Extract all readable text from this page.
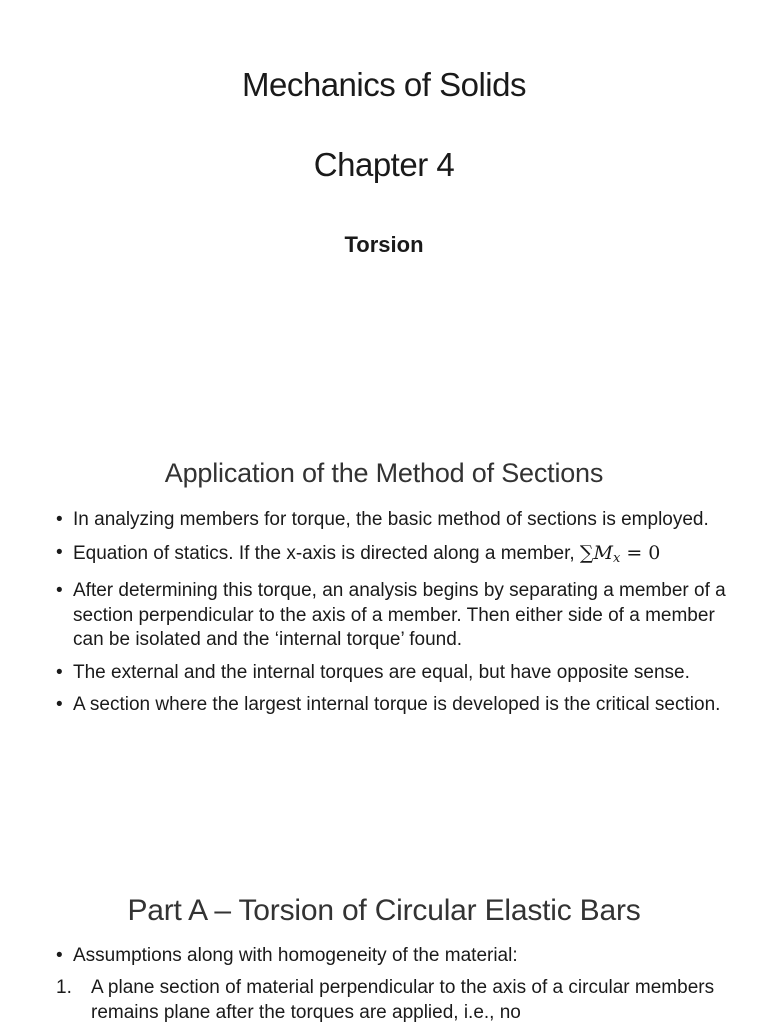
Mechanics of Solids
Chapter 4
Torsion
Application of the Method of Sections
• In analyzing members for torque, the basic method of sections is employed.
• Equation of statics. If the x-axis is directed along a member, $\sum M_x = 0$
• After determining this torque, an analysis begins by separating a member of a section perpendicular to the axis of a member. Then either side of a member can be isolated and the ‘internal torque’ found.
• The external and the internal torques are equal, but have opposite sense.
• A section where the largest internal torque is developed is the critical section.
Part A – Torsion of Circular Elastic Bars
• Assumptions along with homogeneity of the material:
1. A plane section of material perpendicular to the axis of a circular members remains plane after the torques are applied, i.e., no
